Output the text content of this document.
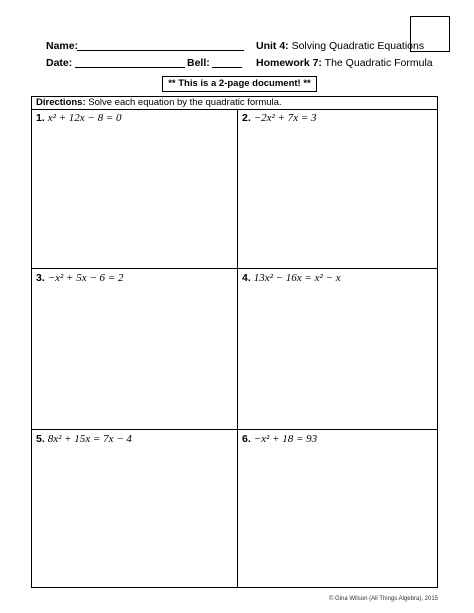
Name:
Date:	Bell:
Unit 4: Solving Quadratic Equations
Homework 7: The Quadratic Formula
** This is a 2-page document! **
Directions: Solve each equation by the quadratic formula.
1. x² + 12x − 8 = 0	2. −2x² + 7x = 3
3. −x² + 5x − 6 = 2	4. 13x² − 16x = x² − x
5. 8x² + 15x = 7x − 4	6. −x² + 18 = 93
© Gina Wilson (All Things Algebra), 2015
